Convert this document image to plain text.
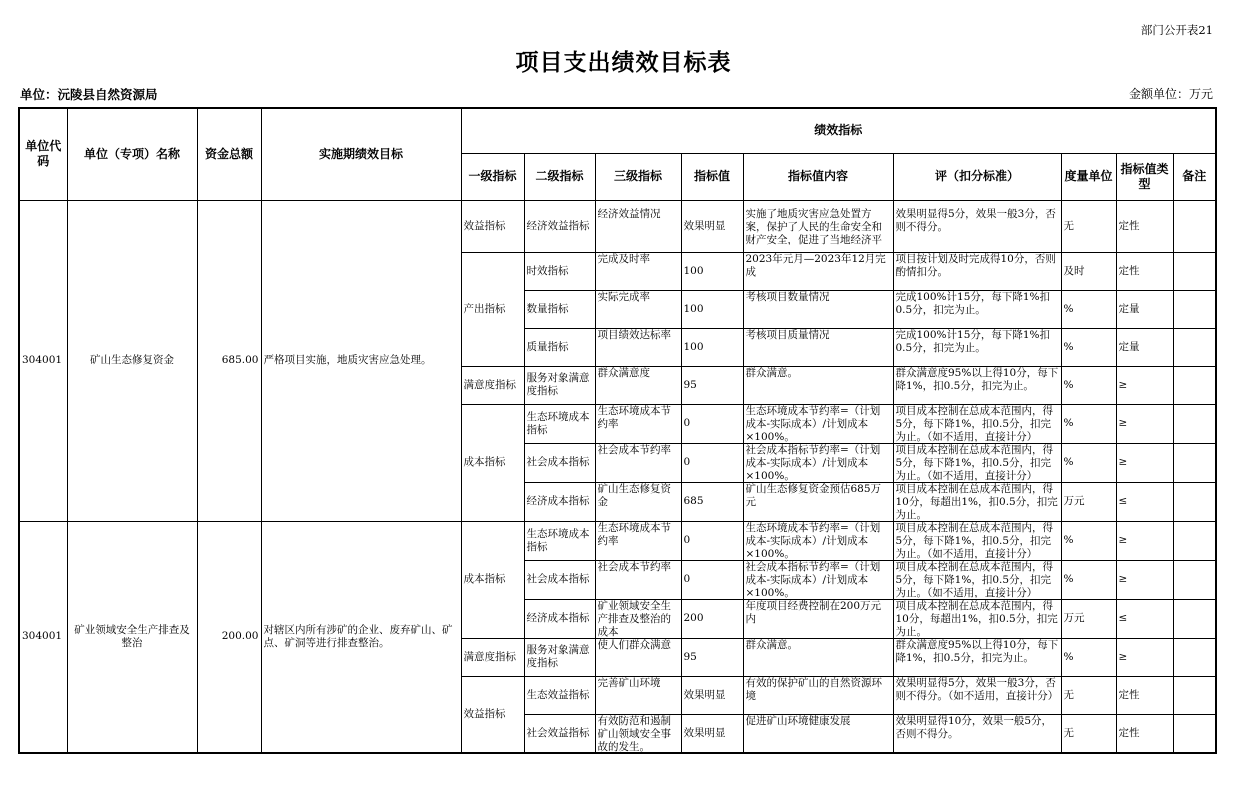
部门公开表21
项目支出绩效目标表
单位：沅陵县自然资源局	金额单位：万元
单位代码	单位（专项）名称	资金总额	实施期绩效目标	绩效指标								
				一级指标	二级指标	三级指标	指标值	指标值内容	评（扣分标准）	度量单位	指标值类型	备注
304001	矿山生态修复资金	685.00	严格项目实施，地质灾害应急处理。	效益指标	经济效益指标	经济效益情况	效果明显	实施了地质灾害应急处置方案，保护了人民的生命安全和财产安全，促进了当地经济平	效果明显得5分，效果一般3分，否则不得分。	无	定性	
				产出指标	时效指标	完成及时率	100	2023年元月—2023年12月完成	项目按计划及时完成得10分，否则酌情扣分。	及时	定性	
					数量指标	实际完成率	100	考核项目数量情况	完成100%计15分，每下降1%扣0.5分，扣完为止。	%	定量	
					质量指标	项目绩效达标率	100	考核项目质量情况	完成100%计15分，每下降1%扣0.5分，扣完为止。	%	定量	
				满意度指标	服务对象满意度指标	群众满意度	95	群众满意。	群众满意度95%以上得10分，每下降1%，扣0.5分，扣完为止。	%	≥	
				成本指标	生态环境成本指标	生态环境成本节约率	0	生态环境成本节约率=（计划成本-实际成本）/计划成本×100%。	项目成本控制在总成本范围内，得5分，每下降1%，扣0.5分，扣完为止。（如不适用，直接计分）	%	≥	
					社会成本指标	社会成本节约率	0	社会成本指标节约率=（计划成本-实际成本）/计划成本×100%。	项目成本控制在总成本范围内，得5分，每下降1%，扣0.5分，扣完为止。（如不适用，直接计分）	%	≥	
					经济成本指标	矿山生态修复资金	685	矿山生态修复资金预估685万元	项目成本控制在总成本范围内，得10分，每超出1%，扣0.5分，扣完为止。	万元	≤	
304001	矿业领域安全生产排查及整治	200.00	对辖区内所有涉矿的企业、废弃矿山、矿点、矿洞等进行排查整治。	成本指标	生态环境成本指标	生态环境成本节约率	0	生态环境成本节约率=（计划成本-实际成本）/计划成本×100%。	项目成本控制在总成本范围内，得5分，每下降1%，扣0.5分，扣完为止。（如不适用，直接计分）	%	≥	
					社会成本指标	社会成本节约率	0	社会成本指标节约率=（计划成本-实际成本）/计划成本×100%。	项目成本控制在总成本范围内，得5分，每下降1%，扣0.5分，扣完为止。（如不适用，直接计分）	%	≥	
					经济成本指标	矿业领域安全生产排查及整治的成本	200	年度项目经费控制在200万元内	项目成本控制在总成本范围内，得10分，每超出1%，扣0.5分，扣完为止。	万元	≤	
				满意度指标	服务对象满意度指标	使人们群众满意	95	群众满意。	群众满意度95%以上得10分，每下降1%，扣0.5分，扣完为止。	%	≥	
				效益指标	生态效益指标	完善矿山环境	效果明显	有效的保护矿山的自然资源环境	效果明显得5分，效果一般3分，否则不得分。（如不适用，直接计分）	无	定性	
					社会效益指标	有效防范和遏制矿山领域安全事故的发生。	效果明显	促进矿山环境健康发展	效果明显得10分，效果一般5分，否则不得分。	无	定性	
